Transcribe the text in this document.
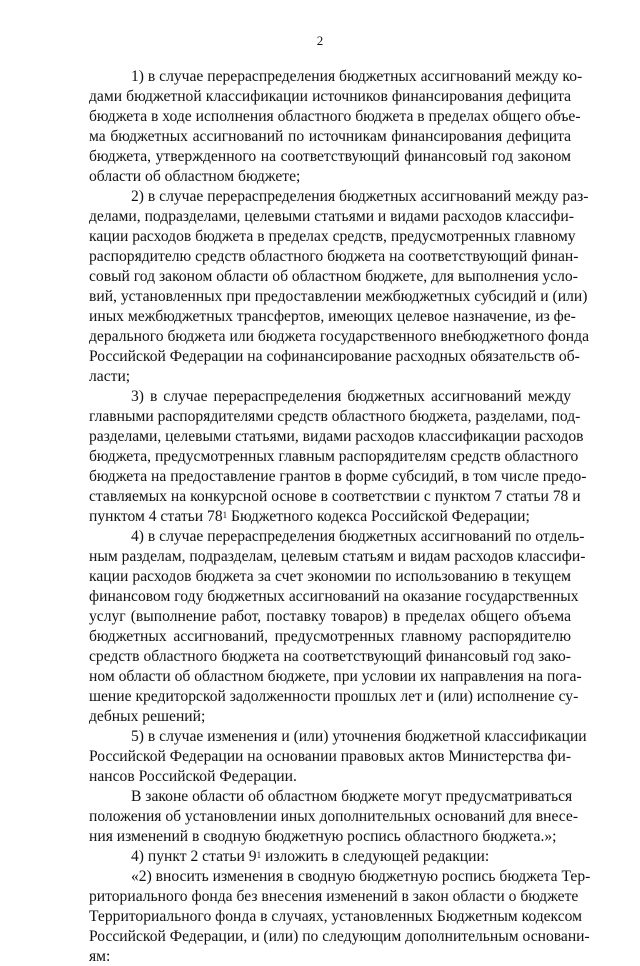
2
1) в случае перераспределения бюджетных ассигнований между ко-
дами бюджетной классификации источников финансирования дефицита
бюджета в ходе исполнения областного бюджета в пределах общего объе-
ма бюджетных ассигнований по источникам финансирования дефицита
бюджета, утвержденного на соответствующий финансовый год законом
области об областном бюджете;
2) в случае перераспределения бюджетных ассигнований между раз-
делами, подразделами, целевыми статьями и видами расходов классифи-
кации расходов бюджета в пределах средств, предусмотренных главному
распорядителю средств областного бюджета на соответствующий финан-
совый год законом области об областном бюджете, для выполнения усло-
вий, установленных при предоставлении межбюджетных субсидий и (или)
иных межбюджетных трансфертов, имеющих целевое назначение, из фе-
дерального бюджета или бюджета государственного внебюджетного фонда
Российской Федерации на софинансирование расходных обязательств об-
ласти;
3) в случае перераспределения бюджетных ассигнований между
главными распорядителями средств областного бюджета, разделами, под-
разделами, целевыми статьями, видами расходов классификации расходов
бюджета, предусмотренных главным распорядителям средств областного
бюджета на предоставление грантов в форме субсидий, в том числе предо-
ставляемых на конкурсной основе в соответствии с пунктом 7 статьи 78 и
пунктом 4 статьи $78^1$ Бюджетного кодекса Российской Федерации;
4) в случае перераспределения бюджетных ассигнований по отдель-
ным разделам, подразделам, целевым статьям и видам расходов классифи-
кации расходов бюджета за счет экономии по использованию в текущем
финансовом году бюджетных ассигнований на оказание государственных
услуг (выполнение работ, поставку товаров) в пределах общего объема
бюджетных ассигнований, предусмотренных главному распорядителю
средств областного бюджета на соответствующий финансовый год зако-
ном области об областном бюджете, при условии их направления на пога-
шение кредиторской задолженности прошлых лет и (или) исполнение су-
дебных решений;
5) в случае изменения и (или) уточнения бюджетной классификации
Российской Федерации на основании правовых актов Министерства фи-
нансов Российской Федерации.
В законе области об областном бюджете могут предусматриваться
положения об установлении иных дополнительных оснований для внесе-
ния изменений в сводную бюджетную роспись областного бюджета.»;
4) пункт 2 статьи $9^1$ изложить в следующей редакции:
«2) вносить изменения в сводную бюджетную роспись бюджета Тер-
риториального фонда без внесения изменений в закон области о бюджете
Территориального фонда в случаях, установленных Бюджетным кодексом
Российской Федерации, и (или) по следующим дополнительным основани-
ям:
